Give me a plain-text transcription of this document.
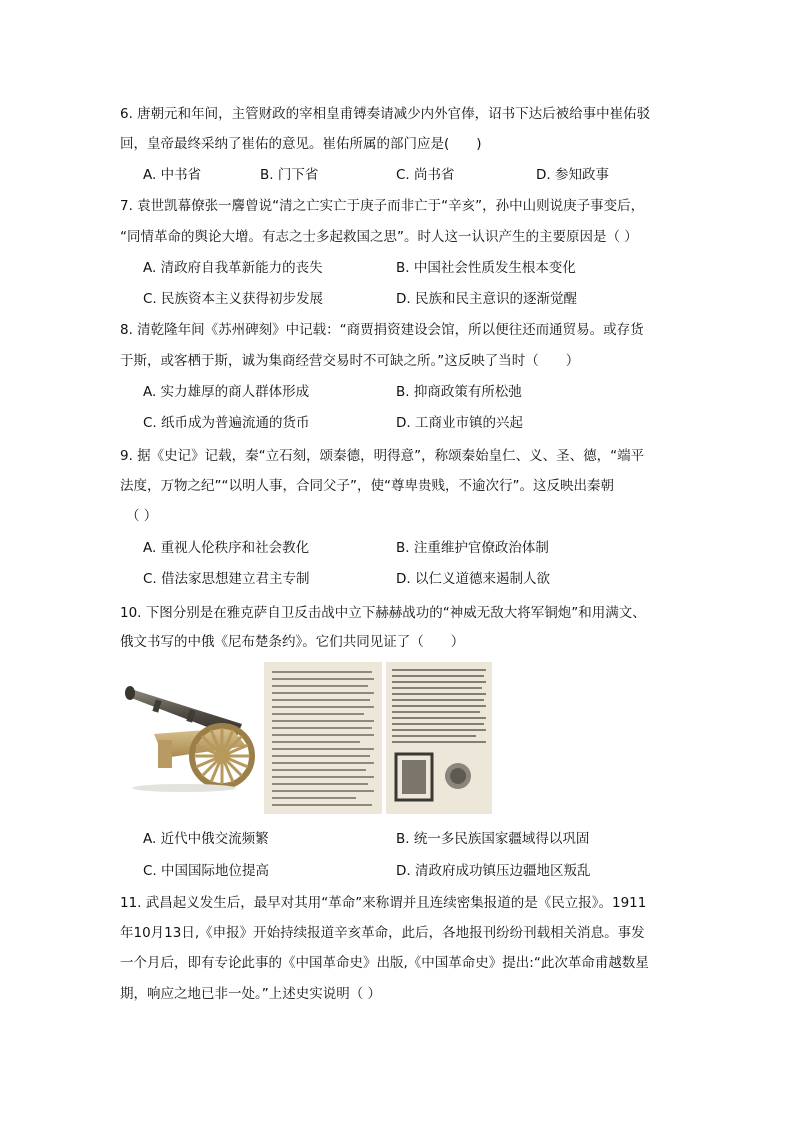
6. 唐朝元和年间，主管财政的宰相皇甫镈奏请减少内外官俸，诏书下达后被给事中崔佑驳
回，皇帝最终采纳了崔佑的意见。崔佑所属的部门应是(　　)
A. 中书省	B. 门下省	C. 尚书省	D. 参知政事
7. 袁世凯幕僚张一麐曾说“清之亡实亡于庚子而非亡于“辛亥”，孙中山则说庚子事变后，
“同情革命的舆论大增。有志之士多起救国之思”。时人这一认识产生的主要原因是（ ）
A. 清政府自我革新能力的丧失	B. 中国社会性质发生根本变化
C. 民族资本主义获得初步发展	D. 民族和民主意识的逐渐觉醒
8. 清乾隆年间《苏州碑刻》中记载：“商贾捐资建设会馆，所以便往还而通贸易。或存货
于斯，或客栖于斯，诚为集商经营交易时不可缺之所。”这反映了当时（　　）
A. 实力雄厚的商人群体形成	B. 抑商政策有所松弛
C. 纸币成为普遍流通的货币	D. 工商业市镇的兴起
9. 据《史记》记载，秦“立石刻，颂秦德，明得意”，称颂秦始皇仁、义、圣、德，“端平
法度，万物之纪”“以明人事，合同父子”，使“尊卑贵贱，不逾次行”。这反映出秦朝
（ ）
A. 重视人伦秩序和社会教化	B. 注重维护官僚政治体制
C. 借法家思想建立君主专制	D. 以仁义道德来遏制人欲
10. 下图分别是在雅克萨自卫反击战中立下赫赫战功的“神威无敌大将军铜炮”和用满文、
俄文书写的中俄《尼布楚条约》。它们共同见证了（　　）
A. 近代中俄交流频繁	B. 统一多民族国家疆域得以巩固
C. 中国国际地位提高	D. 清政府成功镇压边疆地区叛乱
11. 武昌起义发生后，最早对其用“革命”来称谓并且连续密集报道的是《民立报》。1911
年10月13日,《申报》开始持续报道辛亥革命，此后，各地报刊纷纷刊载相关消息。事发
一个月后，即有专论此事的《中国革命史》出版,《中国革命史》提出:“此次革命甫越数星
期，响应之地已非一处。”上述史实说明（ ）
